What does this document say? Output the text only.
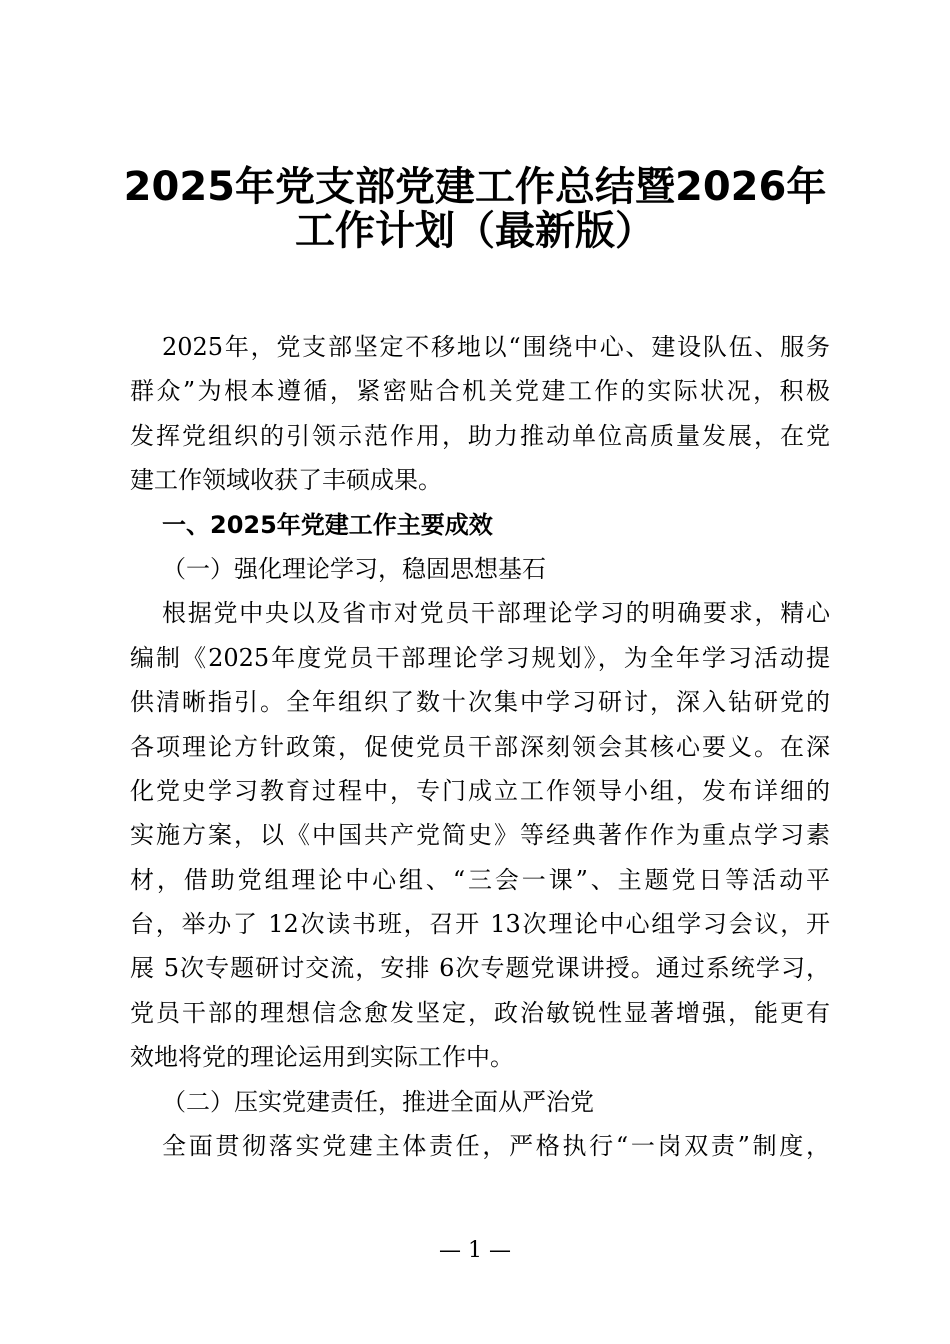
2025年党支部党建工作总结暨2026年
工作计划（最新版）
2025年，党支部坚定不移地以“围绕中心、建设队伍、服务
群众”为根本遵循，紧密贴合机关党建工作的实际状况，积极
发挥党组织的引领示范作用，助力推动单位高质量发展，在党
建工作领域收获了丰硕成果。
一、2025年党建工作主要成效
（一）强化理论学习，稳固思想基石
根据党中央以及省市对党员干部理论学习的明确要求，精心
编制《2025年度党员干部理论学习规划》，为全年学习活动提
供清晰指引。全年组织了数十次集中学习研讨，深入钻研党的
各项理论方针政策，促使党员干部深刻领会其核心要义。在深
化党史学习教育过程中，专门成立工作领导小组，发布详细的
实施方案，以《中国共产党简史》等经典著作作为重点学习素
材，借助党组理论中心组、“三会一课”、主题党日等活动平
台，举办了 12次读书班，召开 13次理论中心组学习会议，开
展 5次专题研讨交流，安排 6次专题党课讲授。通过系统学习，
党员干部的理想信念愈发坚定，政治敏锐性显著增强，能更有
效地将党的理论运用到实际工作中。
（二）压实党建责任，推进全面从严治党
全面贯彻落实党建主体责任，严格执行“一岗双责”制度，
— 1 —
